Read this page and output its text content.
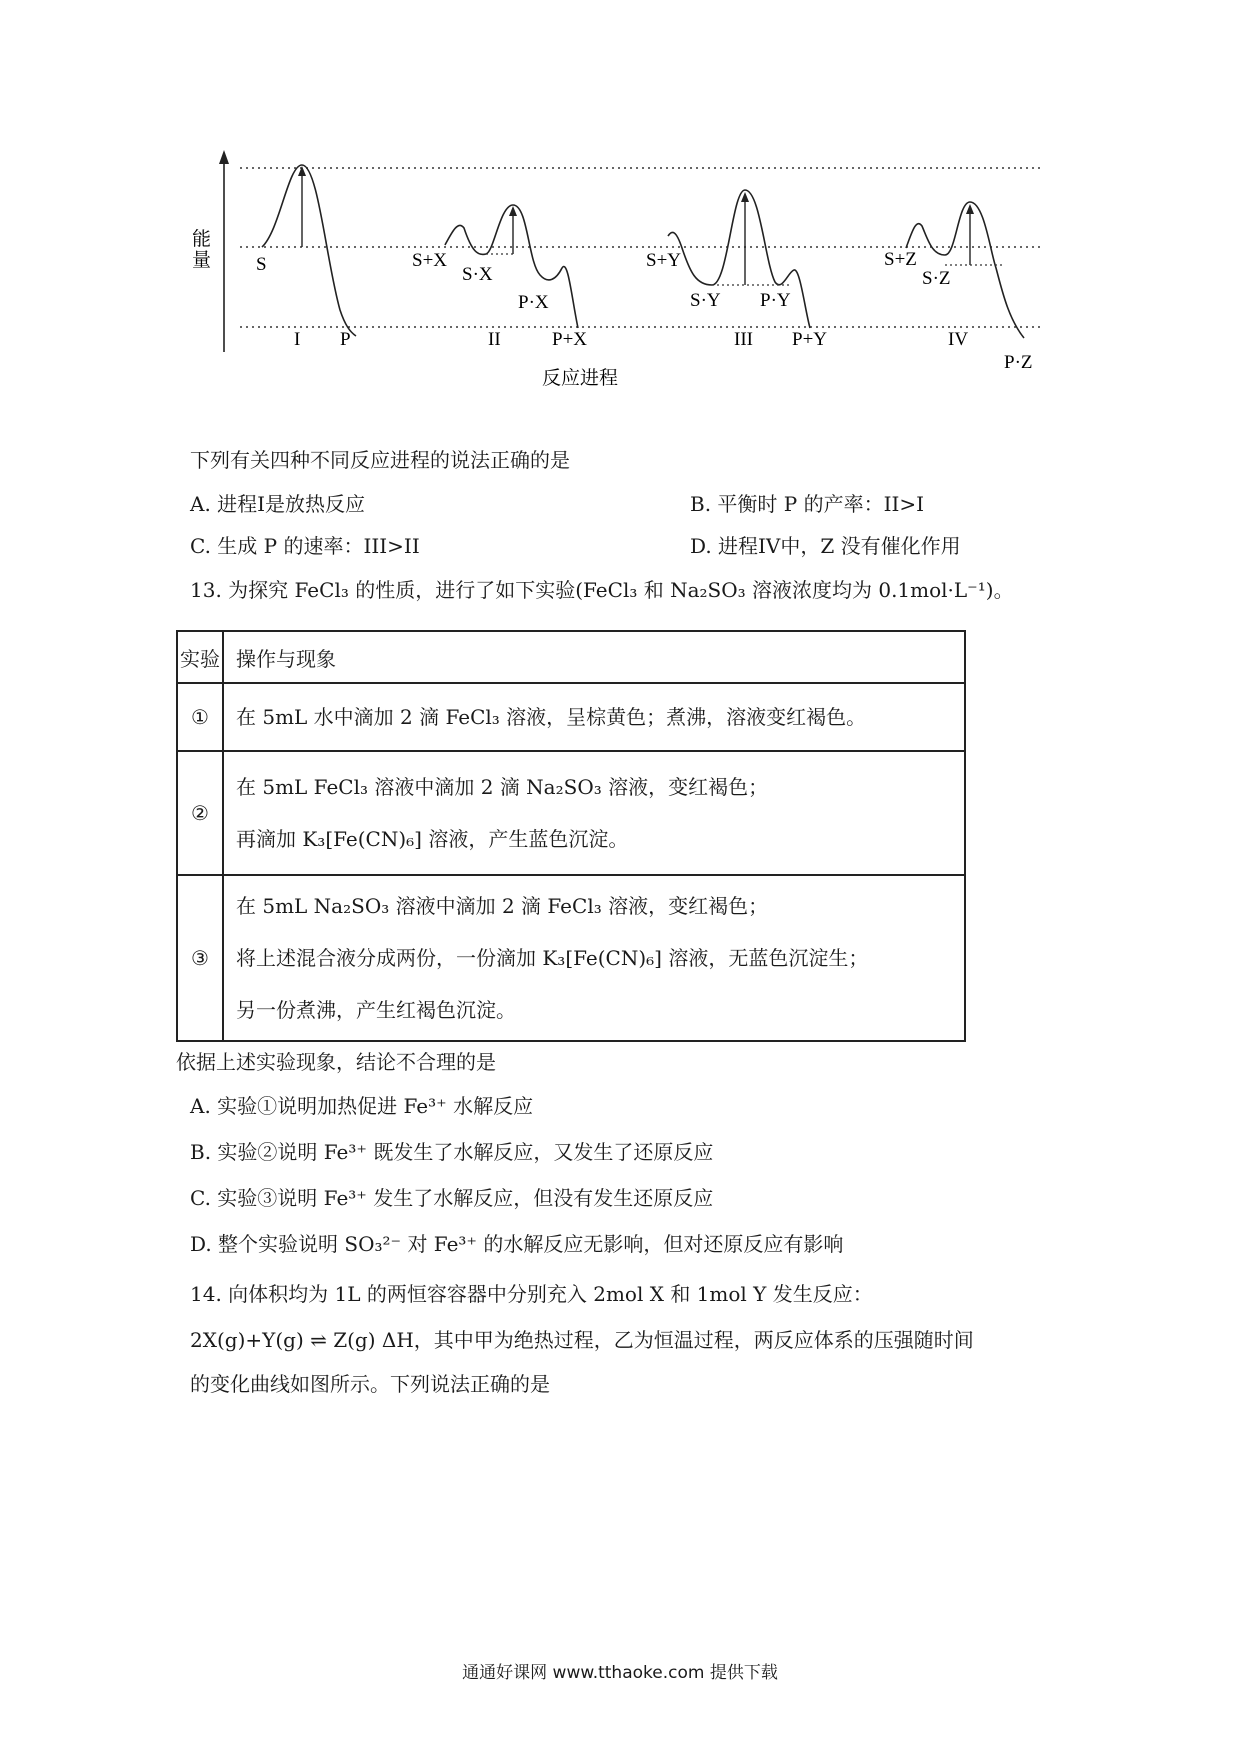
能
量
反应进程
S
I P
S+X
S·X
P·X
II	P+X
S+Y
S·Y P·Y
III P+Y
S+Z
S·Z
IV
P·Z
下列有关四种不同反应进程的说法正确的是
A. 进程I是放热反应	B. 平衡时 P 的产率：II>I
C. 生成 P 的速率：III>II	D. 进程IV中，Z 没有催化作用
13. 为探究 FeCl₃ 的性质，进行了如下实验(FeCl₃ 和 Na₂SO₃ 溶液浓度均为 0.1mol·L⁻¹)。
实验	操作与现象
①	在 5mL 水中滴加 2 滴 FeCl₃ 溶液，呈棕黄色；煮沸，溶液变红褐色。

②	在 5mL FeCl₃ 溶液中滴加 2 滴 Na₂SO₃ 溶液，变红褐色；
再滴加 K₃[Fe(CN)₆] 溶液，产生蓝色沉淀。

③	在 5mL Na₂SO₃ 溶液中滴加 2 滴 FeCl₃ 溶液，变红褐色；
将上述混合液分成两份，一份滴加 K₃[Fe(CN)₆] 溶液，无蓝色沉淀生；
另一份煮沸，产生红褐色沉淀。
依据上述实验现象，结论不合理的是
A. 实验①说明加热促进 Fe³⁺ 水解反应
B. 实验②说明 Fe³⁺ 既发生了水解反应，又发生了还原反应
C. 实验③说明 Fe³⁺ 发生了水解反应，但没有发生还原反应
D. 整个实验说明 SO₃²⁻ 对 Fe³⁺ 的水解反应无影响，但对还原反应有影响
14. 向体积均为 1L 的两恒容容器中分别充入 2mol X 和 1mol Y 发生反应：
2X(g)+Y(g) ⇌ Z(g) ΔH，其中甲为绝热过程，乙为恒温过程，两反应体系的压强随时间
的变化曲线如图所示。下列说法正确的是
通通好课网 www.tthaoke.com 提供下载
